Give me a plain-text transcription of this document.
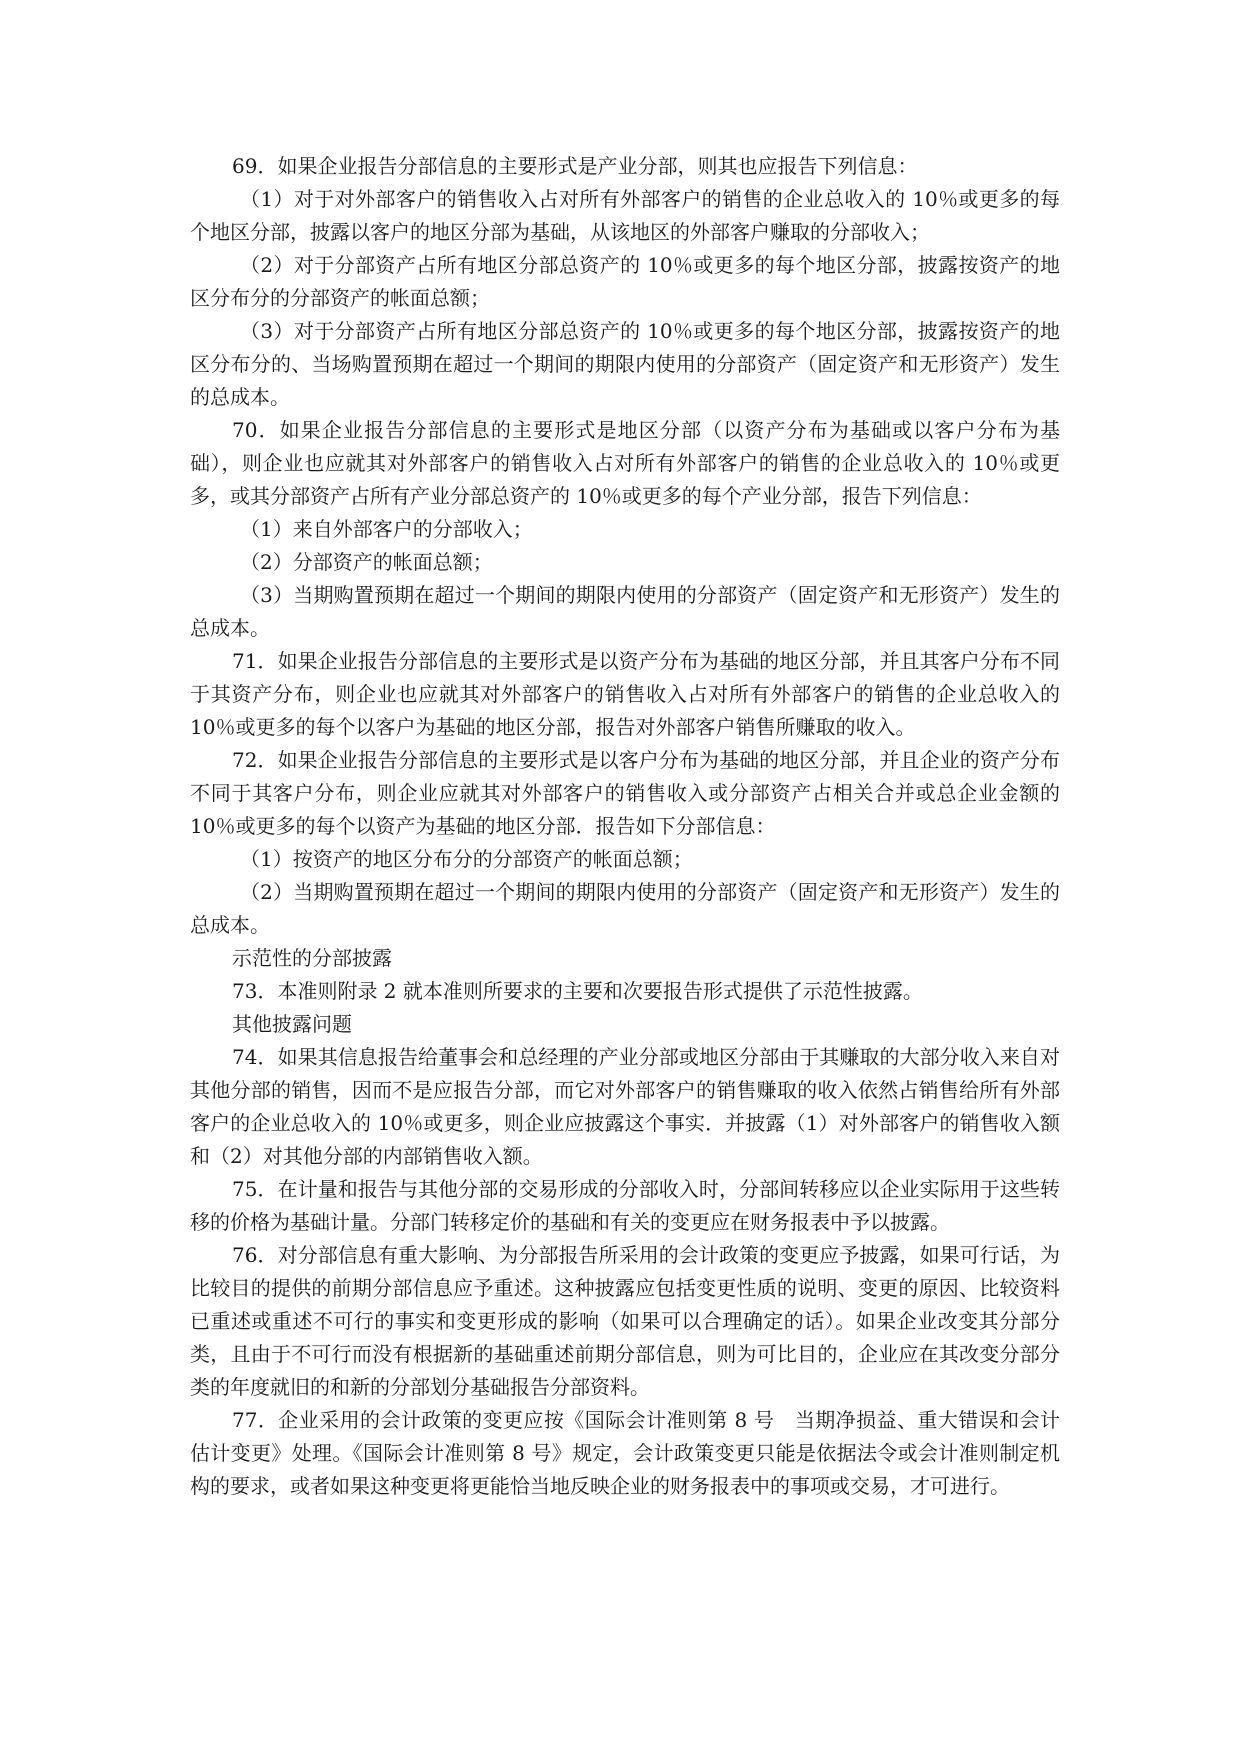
69．如果企业报告分部信息的主要形式是产业分部，则其也应报告下列信息：

（1）对于对外部客户的销售收入占对所有外部客户的销售的企业总收入的 10％或更多的每个地区分部，披露以客户的地区分部为基础，从该地区的外部客户赚取的分部收入；

（2）对于分部资产占所有地区分部总资产的 10％或更多的每个地区分部，披露按资产的地区分布分的分部资产的帐面总额；

（3）对于分部资产占所有地区分部总资产的 10％或更多的每个地区分部，披露按资产的地区分布分的、当场购置预期在超过一个期间的期限内使用的分部资产（固定资产和无形资产）发生的总成本。

70．如果企业报告分部信息的主要形式是地区分部（以资产分布为基础或以客户分布为基础），则企业也应就其对外部客户的销售收入占对所有外部客户的销售的企业总收入的 10％或更多，或其分部资产占所有产业分部总资产的 10％或更多的每个产业分部，报告下列信息：

（1）来自外部客户的分部收入；

（2）分部资产的帐面总额；

（3）当期购置预期在超过一个期间的期限内使用的分部资产（固定资产和无形资产）发生的总成本。

71．如果企业报告分部信息的主要形式是以资产分布为基础的地区分部，并且其客户分布不同于其资产分布，则企业也应就其对外部客户的销售收入占对所有外部客户的销售的企业总收入的 10％或更多的每个以客户为基础的地区分部，报告对外部客户销售所赚取的收入。

72．如果企业报告分部信息的主要形式是以客户分布为基础的地区分部，并且企业的资产分布不同于其客户分布，则企业应就其对外部客户的销售收入或分部资产占相关合并或总企业金额的 10％或更多的每个以资产为基础的地区分部．报告如下分部信息：

（1）按资产的地区分布分的分部资产的帐面总额；

（2）当期购置预期在超过一个期间的期限内使用的分部资产（固定资产和无形资产）发生的总成本。

示范性的分部披露

73．本准则附录 2 就本准则所要求的主要和次要报告形式提供了示范性披露。

其他披露问题

74．如果其信息报告给董事会和总经理的产业分部或地区分部由于其赚取的大部分收入来自对其他分部的销售，因而不是应报告分部，而它对外部客户的销售赚取的收入依然占销售给所有外部客户的企业总收入的 10％或更多，则企业应披露这个事实．并披露（1）对外部客户的销售收入额和（2）对其他分部的内部销售收入额。

75．在计量和报告与其他分部的交易形成的分部收入时，分部间转移应以企业实际用于这些转移的价格为基础计量。分部门转移定价的基础和有关的变更应在财务报表中予以披露。

76．对分部信息有重大影响、为分部报告所采用的会计政策的变更应予披露，如果可行话，为比较目的提供的前期分部信息应予重述。这种披露应包括变更性质的说明、变更的原因、比较资料已重述或重述不可行的事实和变更形成的影响（如果可以合理确定的话）。如果企业改变其分部分类，且由于不可行而没有根据新的基础重述前期分部信息，则为可比目的，企业应在其改变分部分类的年度就旧的和新的分部划分基础报告分部资料。

77．企业采用的会计政策的变更应按《国际会计准则第 8 号　当期净损益、重大错误和会计估计变更》处理。《国际会计准则第 8 号》规定，会计政策变更只能是依据法令或会计准则制定机构的要求，或者如果这种变更将更能恰当地反映企业的财务报表中的事项或交易，才可进行。
